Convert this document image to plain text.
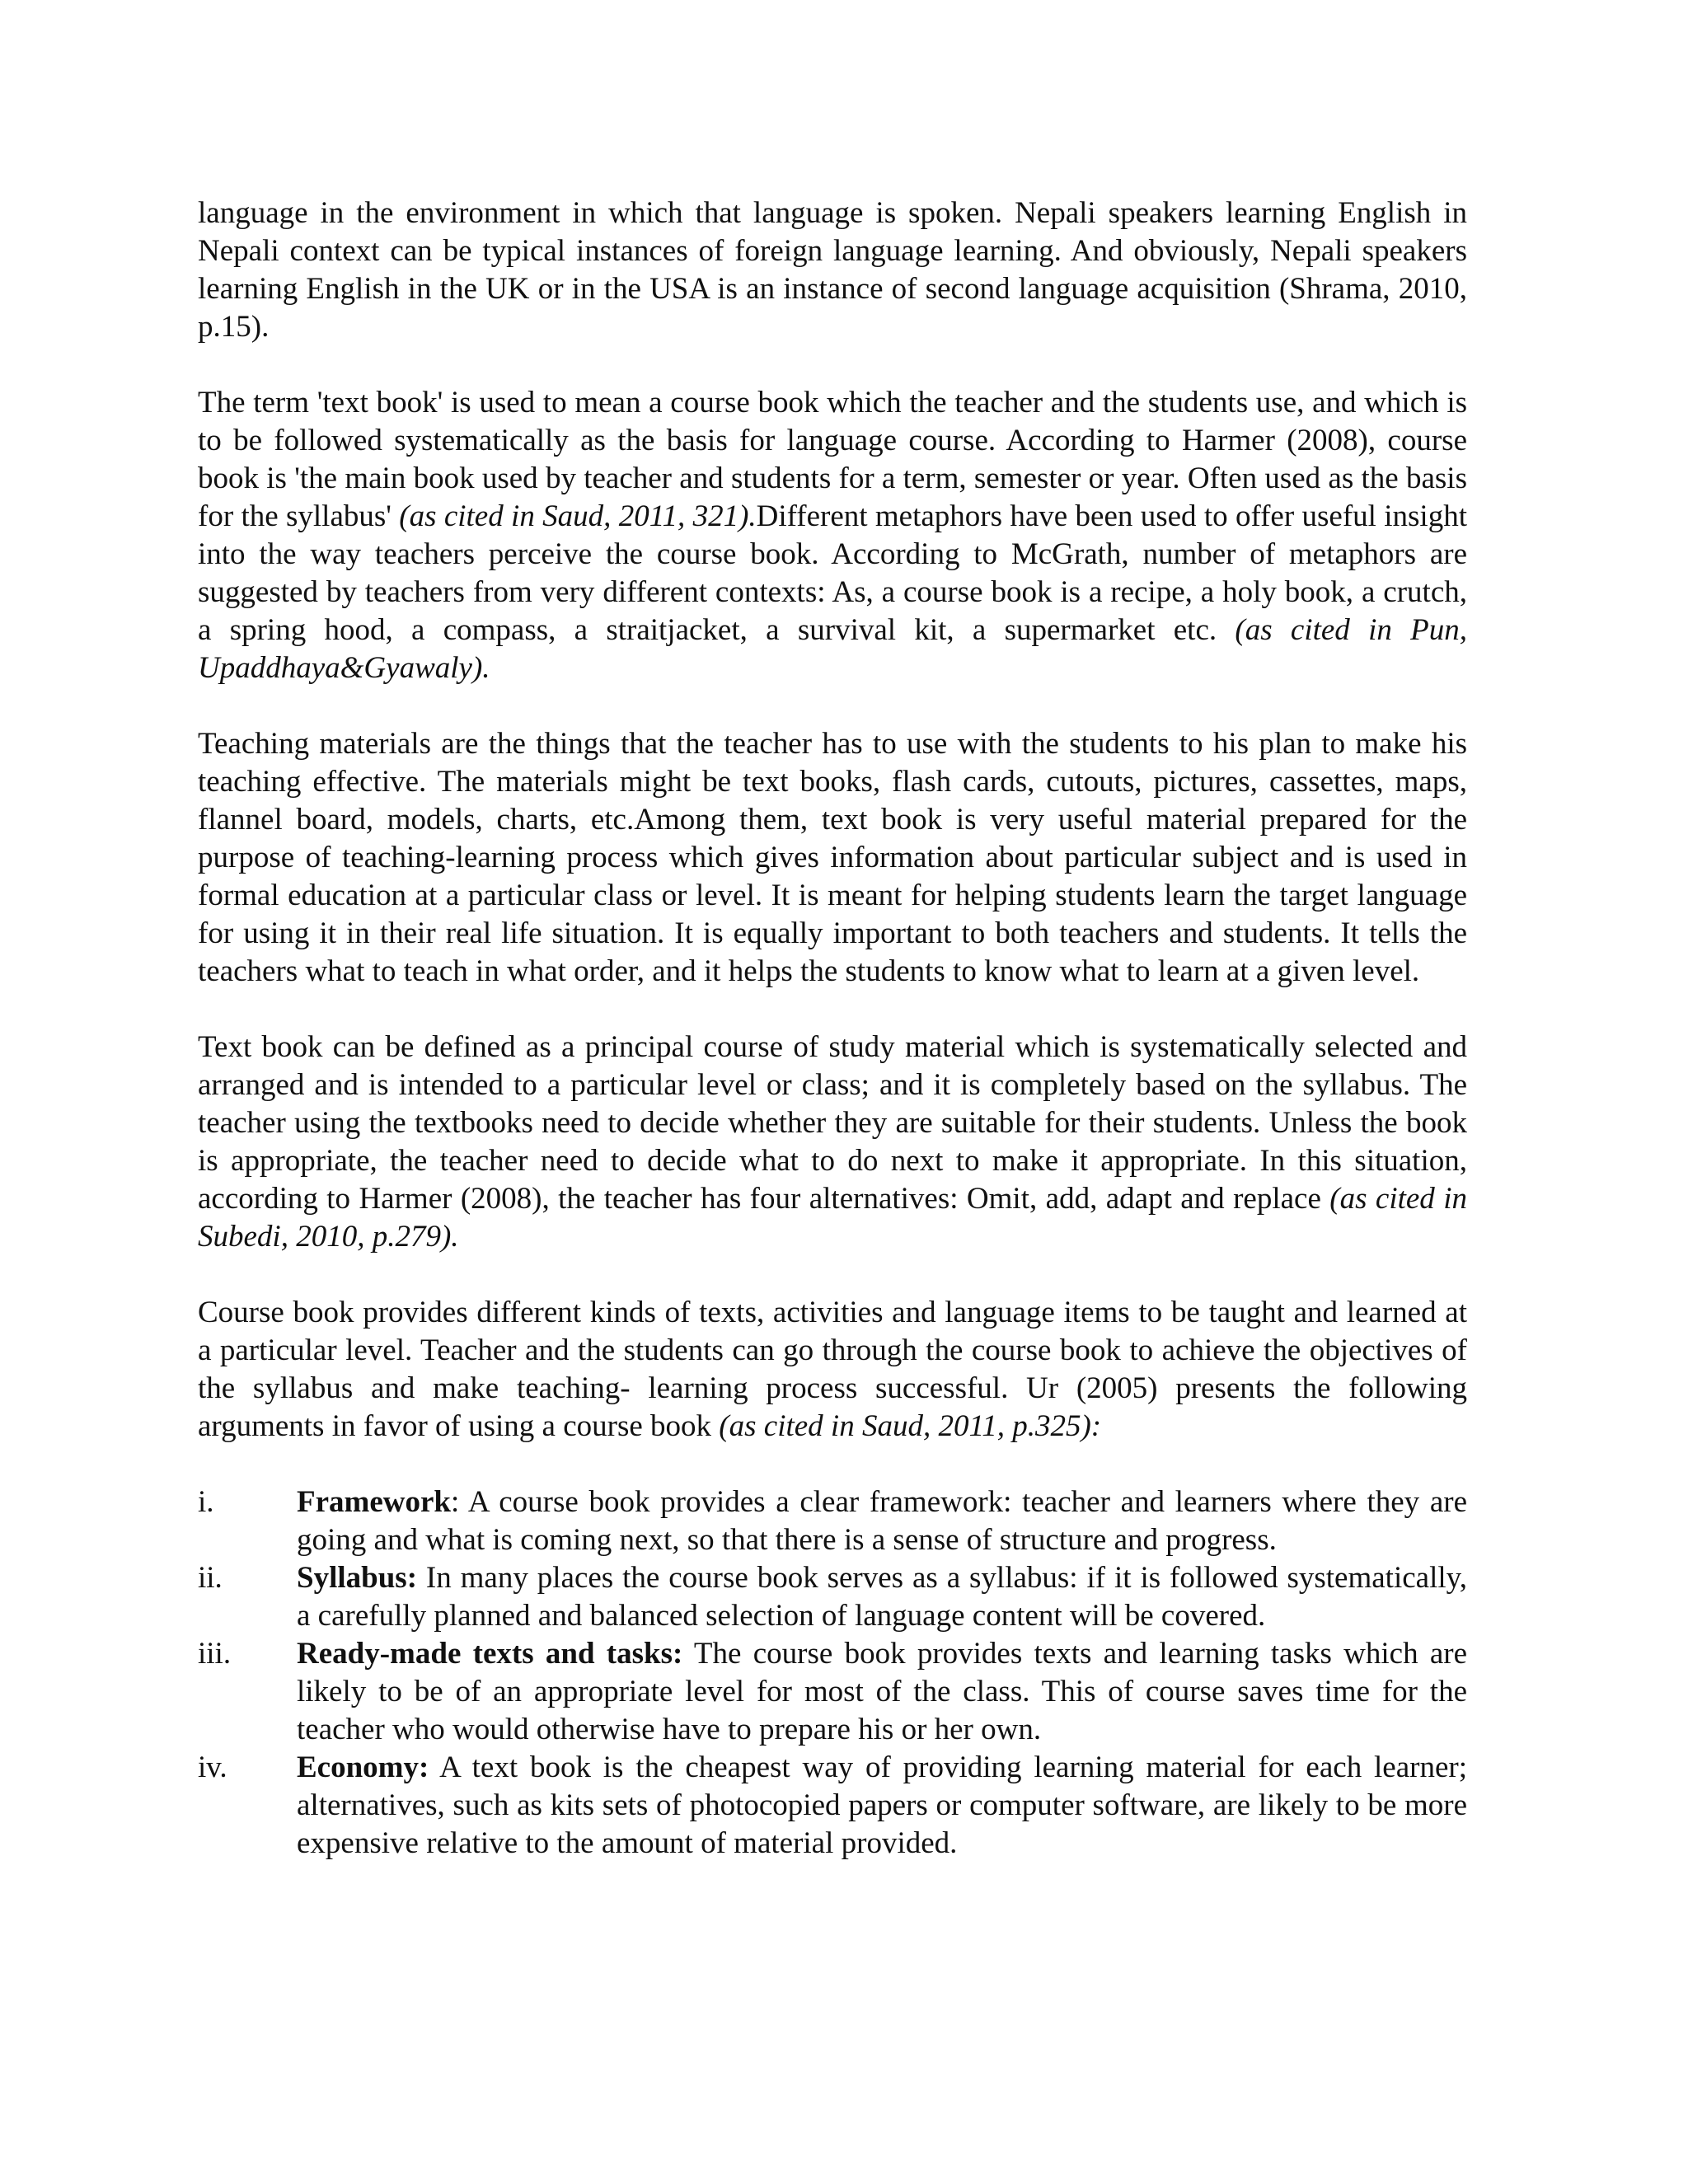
language in the environment in which that language is spoken. Nepali speakers learning English in Nepali context can be typical instances of foreign language learning. And obviously, Nepali speakers learning English in the UK or in the USA is an instance of second language acquisition (Shrama, 2010, p.15).

The term 'text book' is used to mean a course book which the teacher and the students use, and which is to be followed systematically as the basis for language course. According to Harmer (2008), course book is 'the main book used by teacher and students for a term, semester or year. Often used as the basis for the syllabus' (as cited in Saud, 2011, 321).Different metaphors have been used to offer useful insight into the way teachers perceive the course book. According to McGrath, number of metaphors are suggested by teachers from very different contexts: As, a course book is a recipe, a holy book, a crutch, a spring hood, a compass, a straitjacket, a survival kit, a supermarket etc. (as cited in Pun, Upaddhaya&Gyawaly).

Teaching materials are the things that the teacher has to use with the students to his plan to make his teaching effective. The materials might be text books, flash cards, cutouts, pictures, cassettes, maps, flannel board, models, charts, etc.Among them, text book is very useful material prepared for the purpose of teaching-learning process which gives information about particular subject and is used in formal education at a particular class or level. It is meant for helping students learn the target language for using it in their real life situation. It is equally important to both teachers and students. It tells the teachers what to teach in what order, and it helps the students to know what to learn at a given level.

Text book can be defined as a principal course of study material which is systematically selected and arranged and is intended to a particular level or class; and it is completely based on the syllabus. The teacher using the textbooks need to decide whether they are suitable for their students. Unless the book is appropriate, the teacher need to decide what to do next to make it appropriate. In this situation, according to Harmer (2008), the teacher has four alternatives: Omit, add, adapt and replace (as cited in Subedi, 2010, p.279).

Course book provides different kinds of texts, activities and language items to be taught and learned at a particular level. Teacher and the students can go through the course book to achieve the objectives of the syllabus and make teaching- learning process successful. Ur (2005) presents the following arguments in favor of using a course book (as cited in Saud, 2011, p.325):

i.	Framework: A course book provides a clear framework: teacher and learners where they are going and what is coming next, so that there is a sense of structure and progress.
ii.	Syllabus: In many places the course book serves as a syllabus: if it is followed systematically, a carefully planned and balanced selection of language content will be covered.
iii.	Ready-made texts and tasks: The course book provides texts and learning tasks which are likely to be of an appropriate level for most of the class. This of course saves time for the teacher who would otherwise have to prepare his or her own.
iv.	Economy: A text book is the cheapest way of providing learning material for each learner; alternatives, such as kits sets of photocopied papers or computer software, are likely to be more expensive relative to the amount of material provided.
